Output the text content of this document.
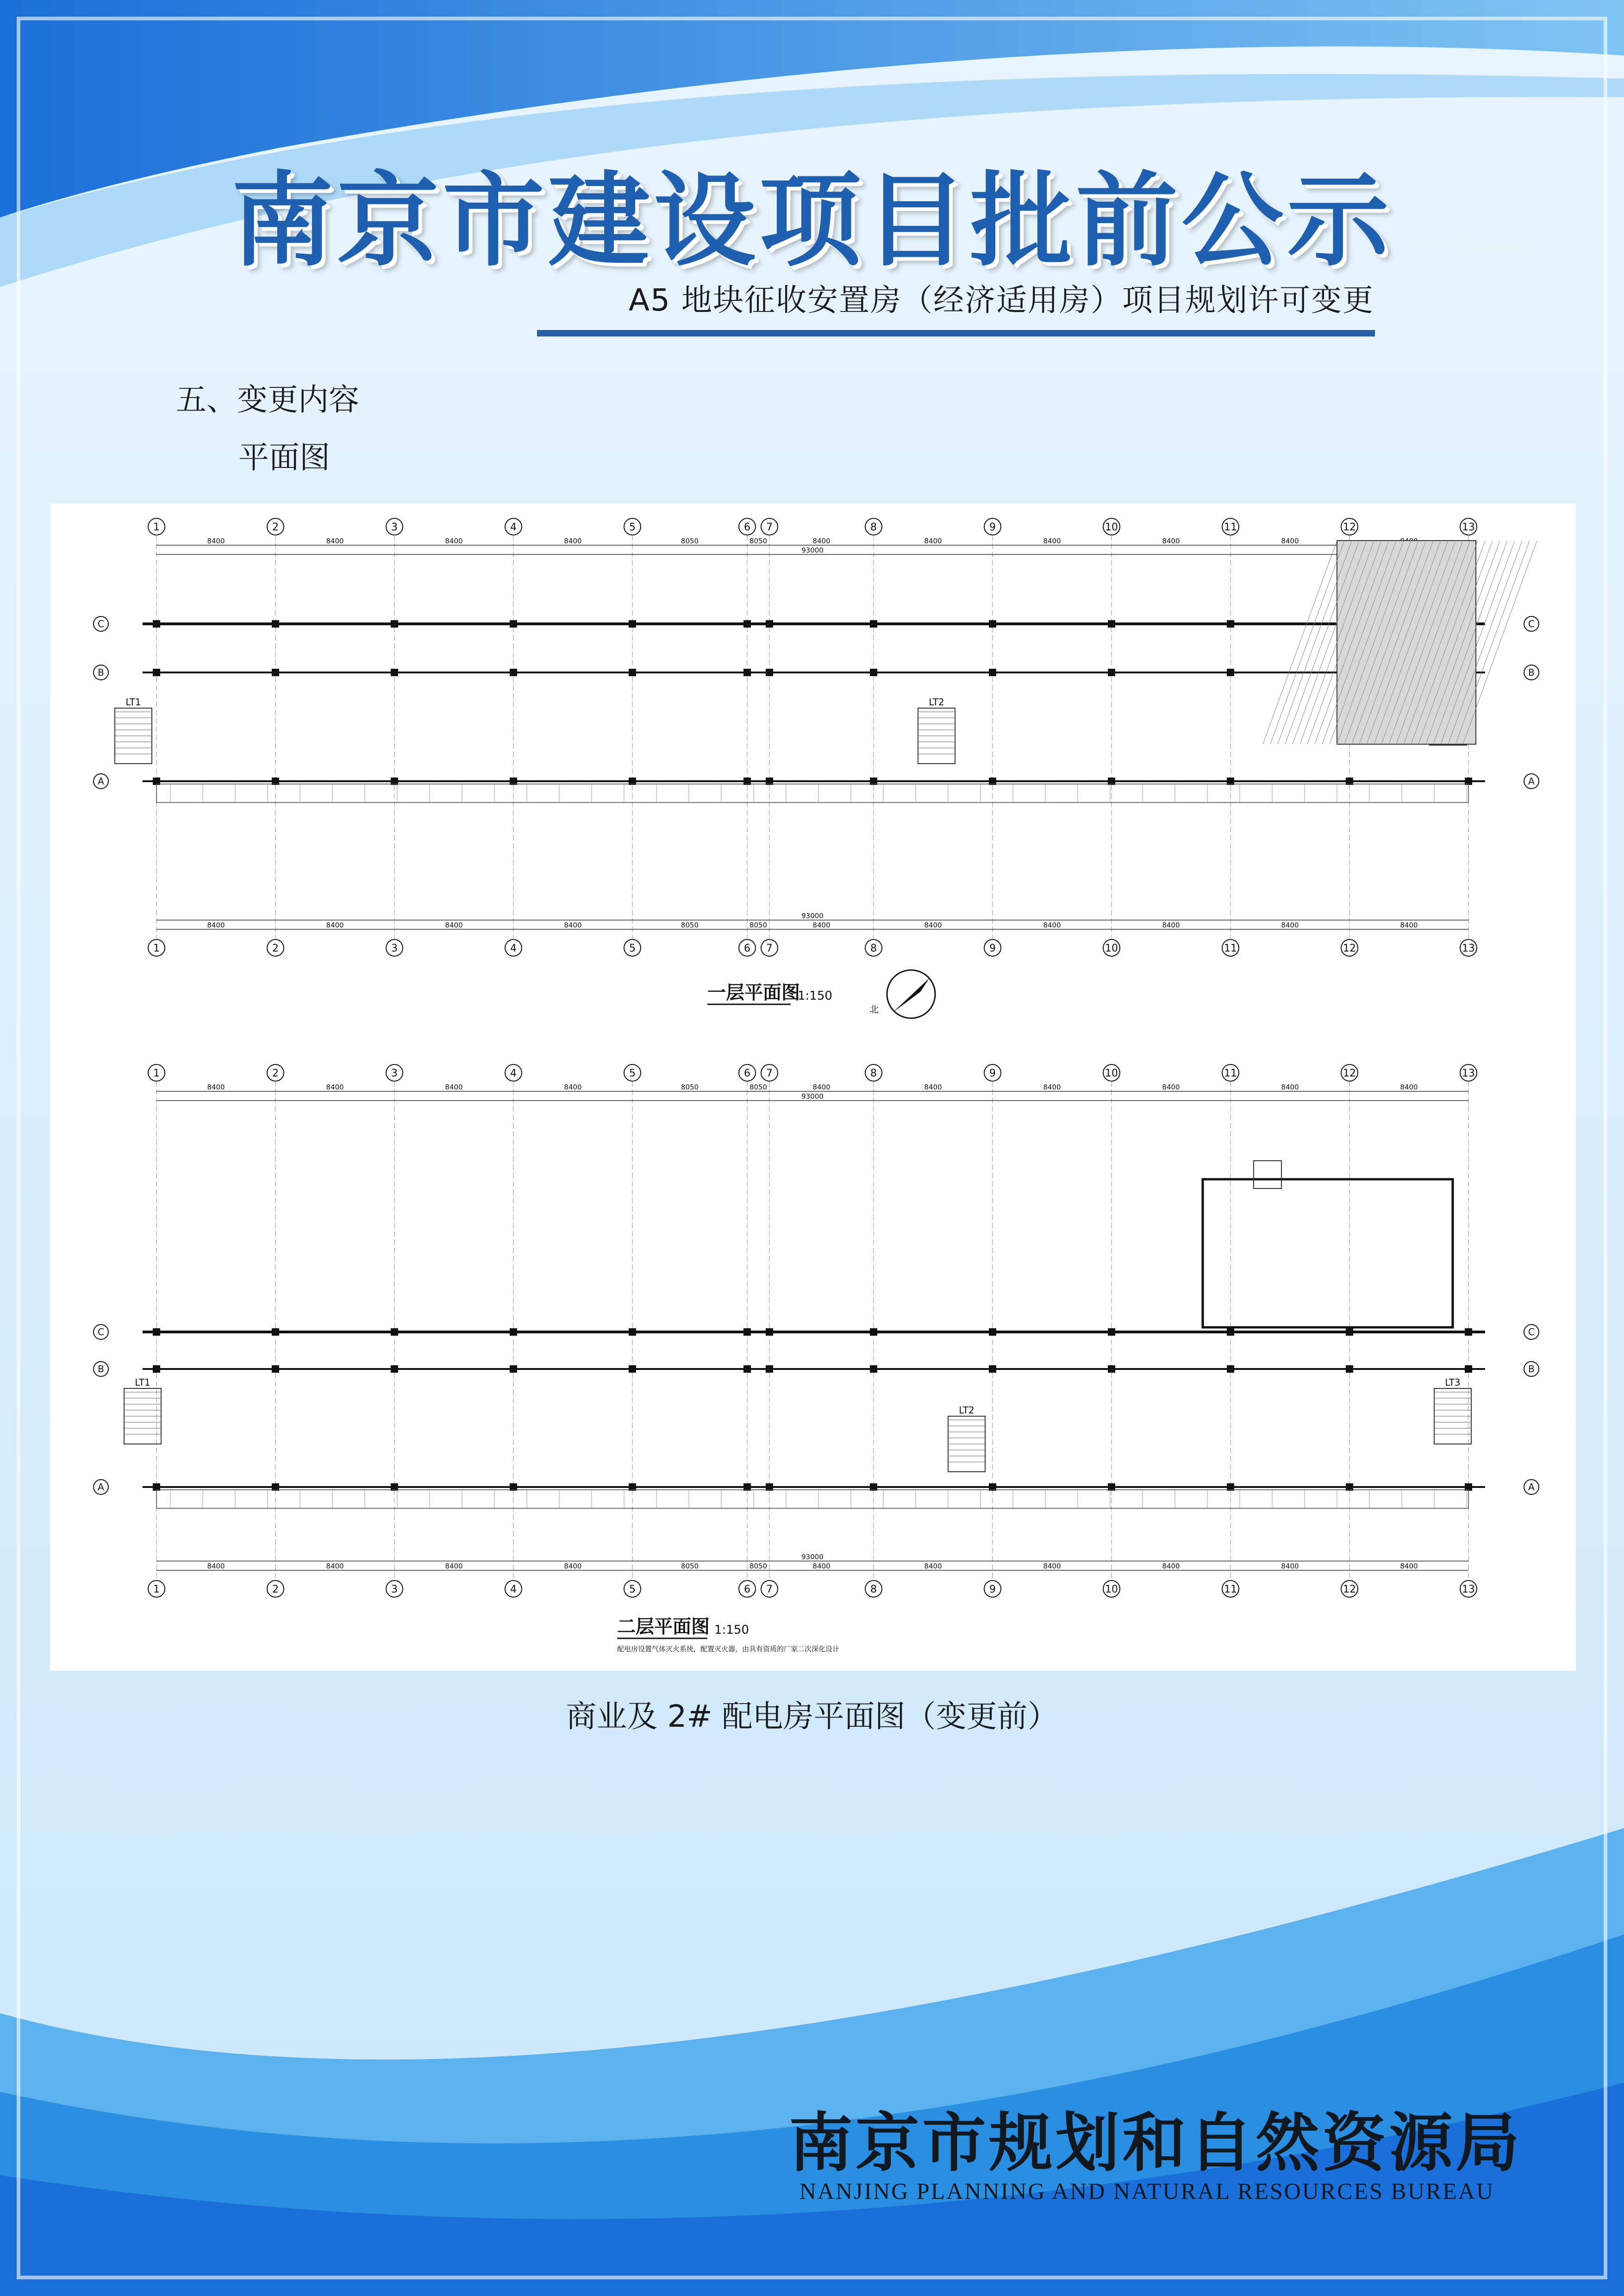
南京市建设项目批前公示
A5 地块征收安置房（经济适用房）项目规划许可变更
五、变更内容
平面图
1
1
2
2
3
3
4
4
5
5
6
6
7
7
8
8
9
9
10
10
11
11
12
12
13
13
8400
8400
8400
8400
8400
8400
8400
8400
8050
8050
8050
8050
8400
8400
8400
8400
8400
8400
8400
8400
8400
8400	8400
93000
93000
C	C
B	B
A	A
LT1	LT2
1
1
2
2
3
3
4
4
5
5
6
6
7
7
8
8
9
9
10
10
11
11
12
12
13
13
8400
8400
8400
8400
8400
8400
8400
8400
8050
8050
8050
8050
8400
8400
8400
8400
8400
8400
8400
8400
8400
8400
8400
8400
93000
93000
C	C
B	B
A	A
LT1
LT2
LT3
一层平面图
1:150
北
二层平面图 1:150
配电房设置气体灭火系统，配置灭火器，由具有资质的厂家二次深化设计
商业及 2# 配电房平面图（变更前）
南京市规划和自然资源局
NANJING PLANNING AND NATURAL RESOURCES BUREAU
